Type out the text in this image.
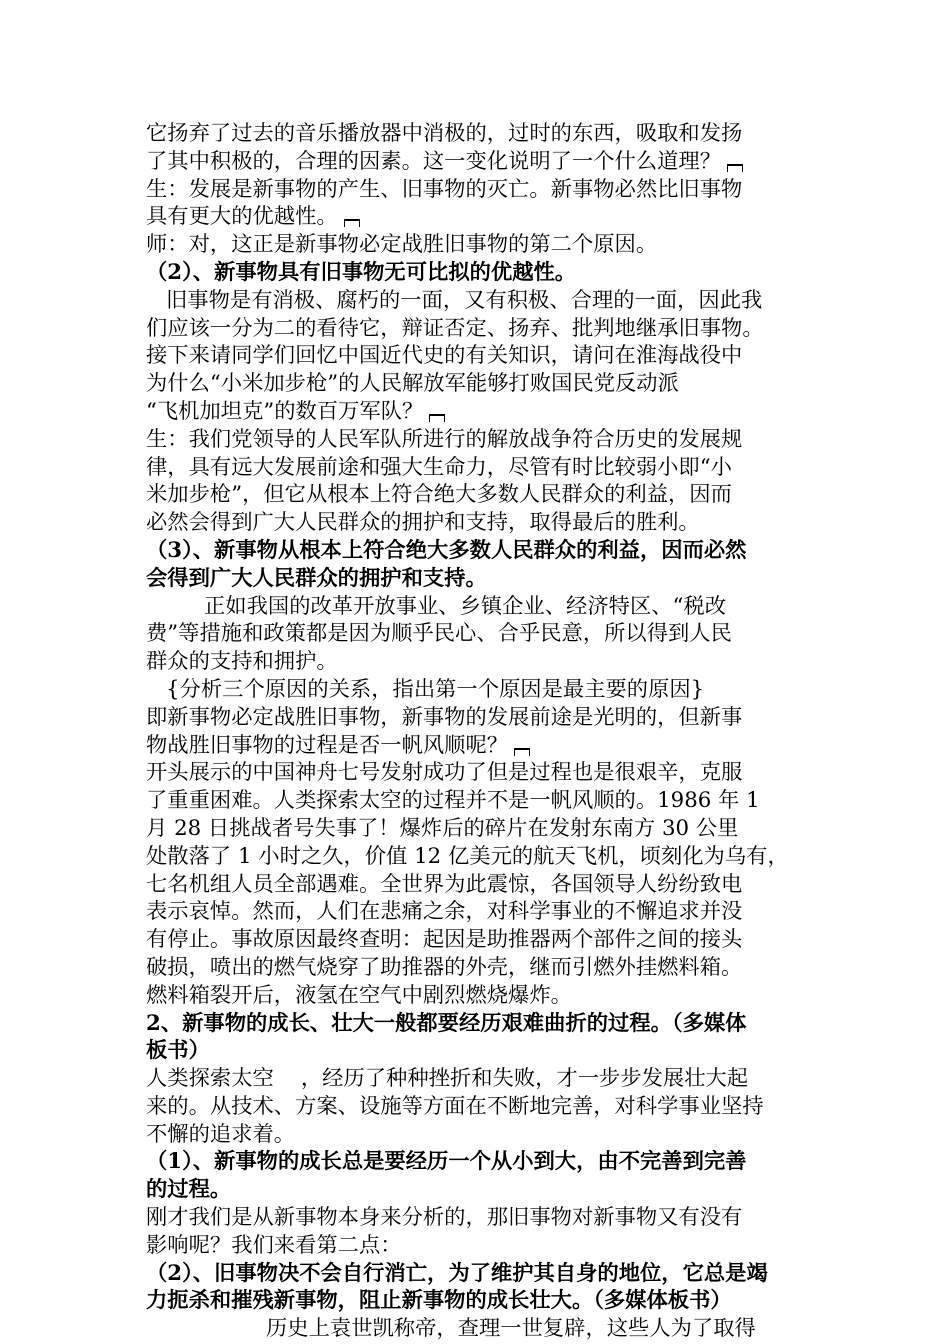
它扬弃了过去的音乐播放器中消极的，过时的东西，吸取和发扬
了其中积极的，合理的因素。这一变化说明了一个什么道理？
生：发展是新事物的产生、旧事物的灭亡。新事物必然比旧事物
具有更大的优越性。
师：对，这正是新事物必定战胜旧事物的第二个原因。
（2）、新事物具有旧事物无可比拟的优越性。
旧事物是有消极、腐朽的一面，又有积极、合理的一面，因此我
们应该一分为二的看待它，辩证否定、扬弃、批判地继承旧事物。
接下来请同学们回忆中国近代史的有关知识，请问在淮海战役中
为什么“小米加步枪”的人民解放军能够打败国民党反动派
“飞机加坦克”的数百万军队？
生：我们党领导的人民军队所进行的解放战争符合历史的发展规
律，具有远大发展前途和强大生命力，尽管有时比较弱小即“小
米加步枪”，但它从根本上符合绝大多数人民群众的利益，因而
必然会得到广大人民群众的拥护和支持，取得最后的胜利。
（3）、新事物从根本上符合绝大多数人民群众的利益，因而必然
会得到广大人民群众的拥护和支持。
正如我国的改革开放事业、乡镇企业、经济特区、“税改
费”等措施和政策都是因为顺乎民心、合乎民意，所以得到人民
群众的支持和拥护。
{分析三个原因的关系，指出第一个原因是最主要的原因}
即新事物必定战胜旧事物，新事物的发展前途是光明的，但新事
物战胜旧事物的过程是否一帆风顺呢？
开头展示的中国神舟七号发射成功了但是过程也是很艰辛，克服
了重重困难。人类探索太空的过程并不是一帆风顺的。1986 年 1
月 28 日挑战者号失事了！爆炸后的碎片在发射东南方 30 公里
处散落了 1 小时之久，价值 12 亿美元的航天飞机，顷刻化为乌有，
七名机组人员全部遇难。全世界为此震惊，各国领导人纷纷致电
表示哀悼。然而，人们在悲痛之余，对科学事业的不懈追求并没
有停止。事故原因最终查明：起因是助推器两个部件之间的接头
破损，喷出的燃气烧穿了助推器的外壳，继而引燃外挂燃料箱。
燃料箱裂开后，液氢在空气中剧烈燃烧爆炸。
2、新事物的成长、壮大一般都要经历艰难曲折的过程。（多媒体
板书）
人类探索太空    ，经历了种种挫折和失败，才一步步发展壮大起
来的。从技术、方案、设施等方面在不断地完善，对科学事业坚持
不懈的追求着。
（1）、新事物的成长总是要经历一个从小到大，由不完善到完善
的过程。
刚才我们是从新事物本身来分析的，那旧事物对新事物又有没有
影响呢？我们来看第二点：
（2）、旧事物决不会自行消亡，为了维护其自身的地位，它总是竭
力扼杀和摧残新事物，阻止新事物的成长壮大。（多媒体板书）
历史上袁世凯称帝，查理一世复辟，这些人为了取得
